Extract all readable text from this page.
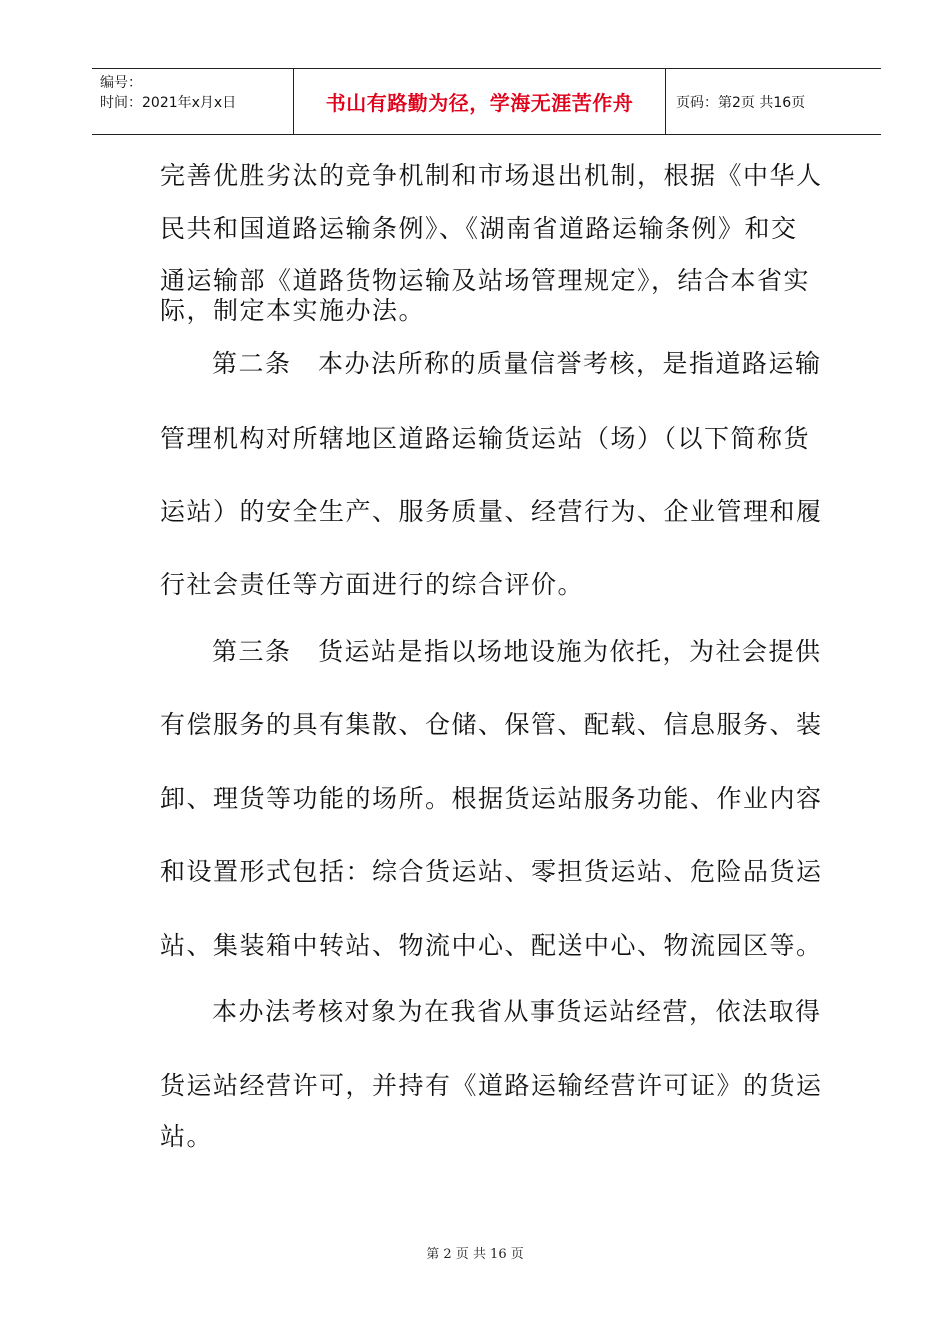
编号：
时间：2021年x月x日	书山有路勤为径，学海无涯苦作舟	页码：第2页 共16页
完善优胜劣汰的竞争机制和市场退出机制，根据《中华人
民共和国道路运输条例》、《湖南省道路运输条例》和交
通运输部《道路货物运输及站场管理规定》，结合本省实
际，制定本实施办法。
第二条　本办法所称的质量信誉考核，是指道路运输
管理机构对所辖地区道路运输货运站（场）（以下简称货
运站）的安全生产、服务质量、经营行为、企业管理和履
行社会责任等方面进行的综合评价。
第三条　货运站是指以场地设施为依托，为社会提供
有偿服务的具有集散、仓储、保管、配载、信息服务、装
卸、理货等功能的场所。根据货运站服务功能、作业内容
和设置形式包括：综合货运站、零担货运站、危险品货运
站、集装箱中转站、物流中心、配送中心、物流园区等。
本办法考核对象为在我省从事货运站经营，依法取得
货运站经营许可，并持有《道路运输经营许可证》的货运
站。
第 2 页 共 16 页
